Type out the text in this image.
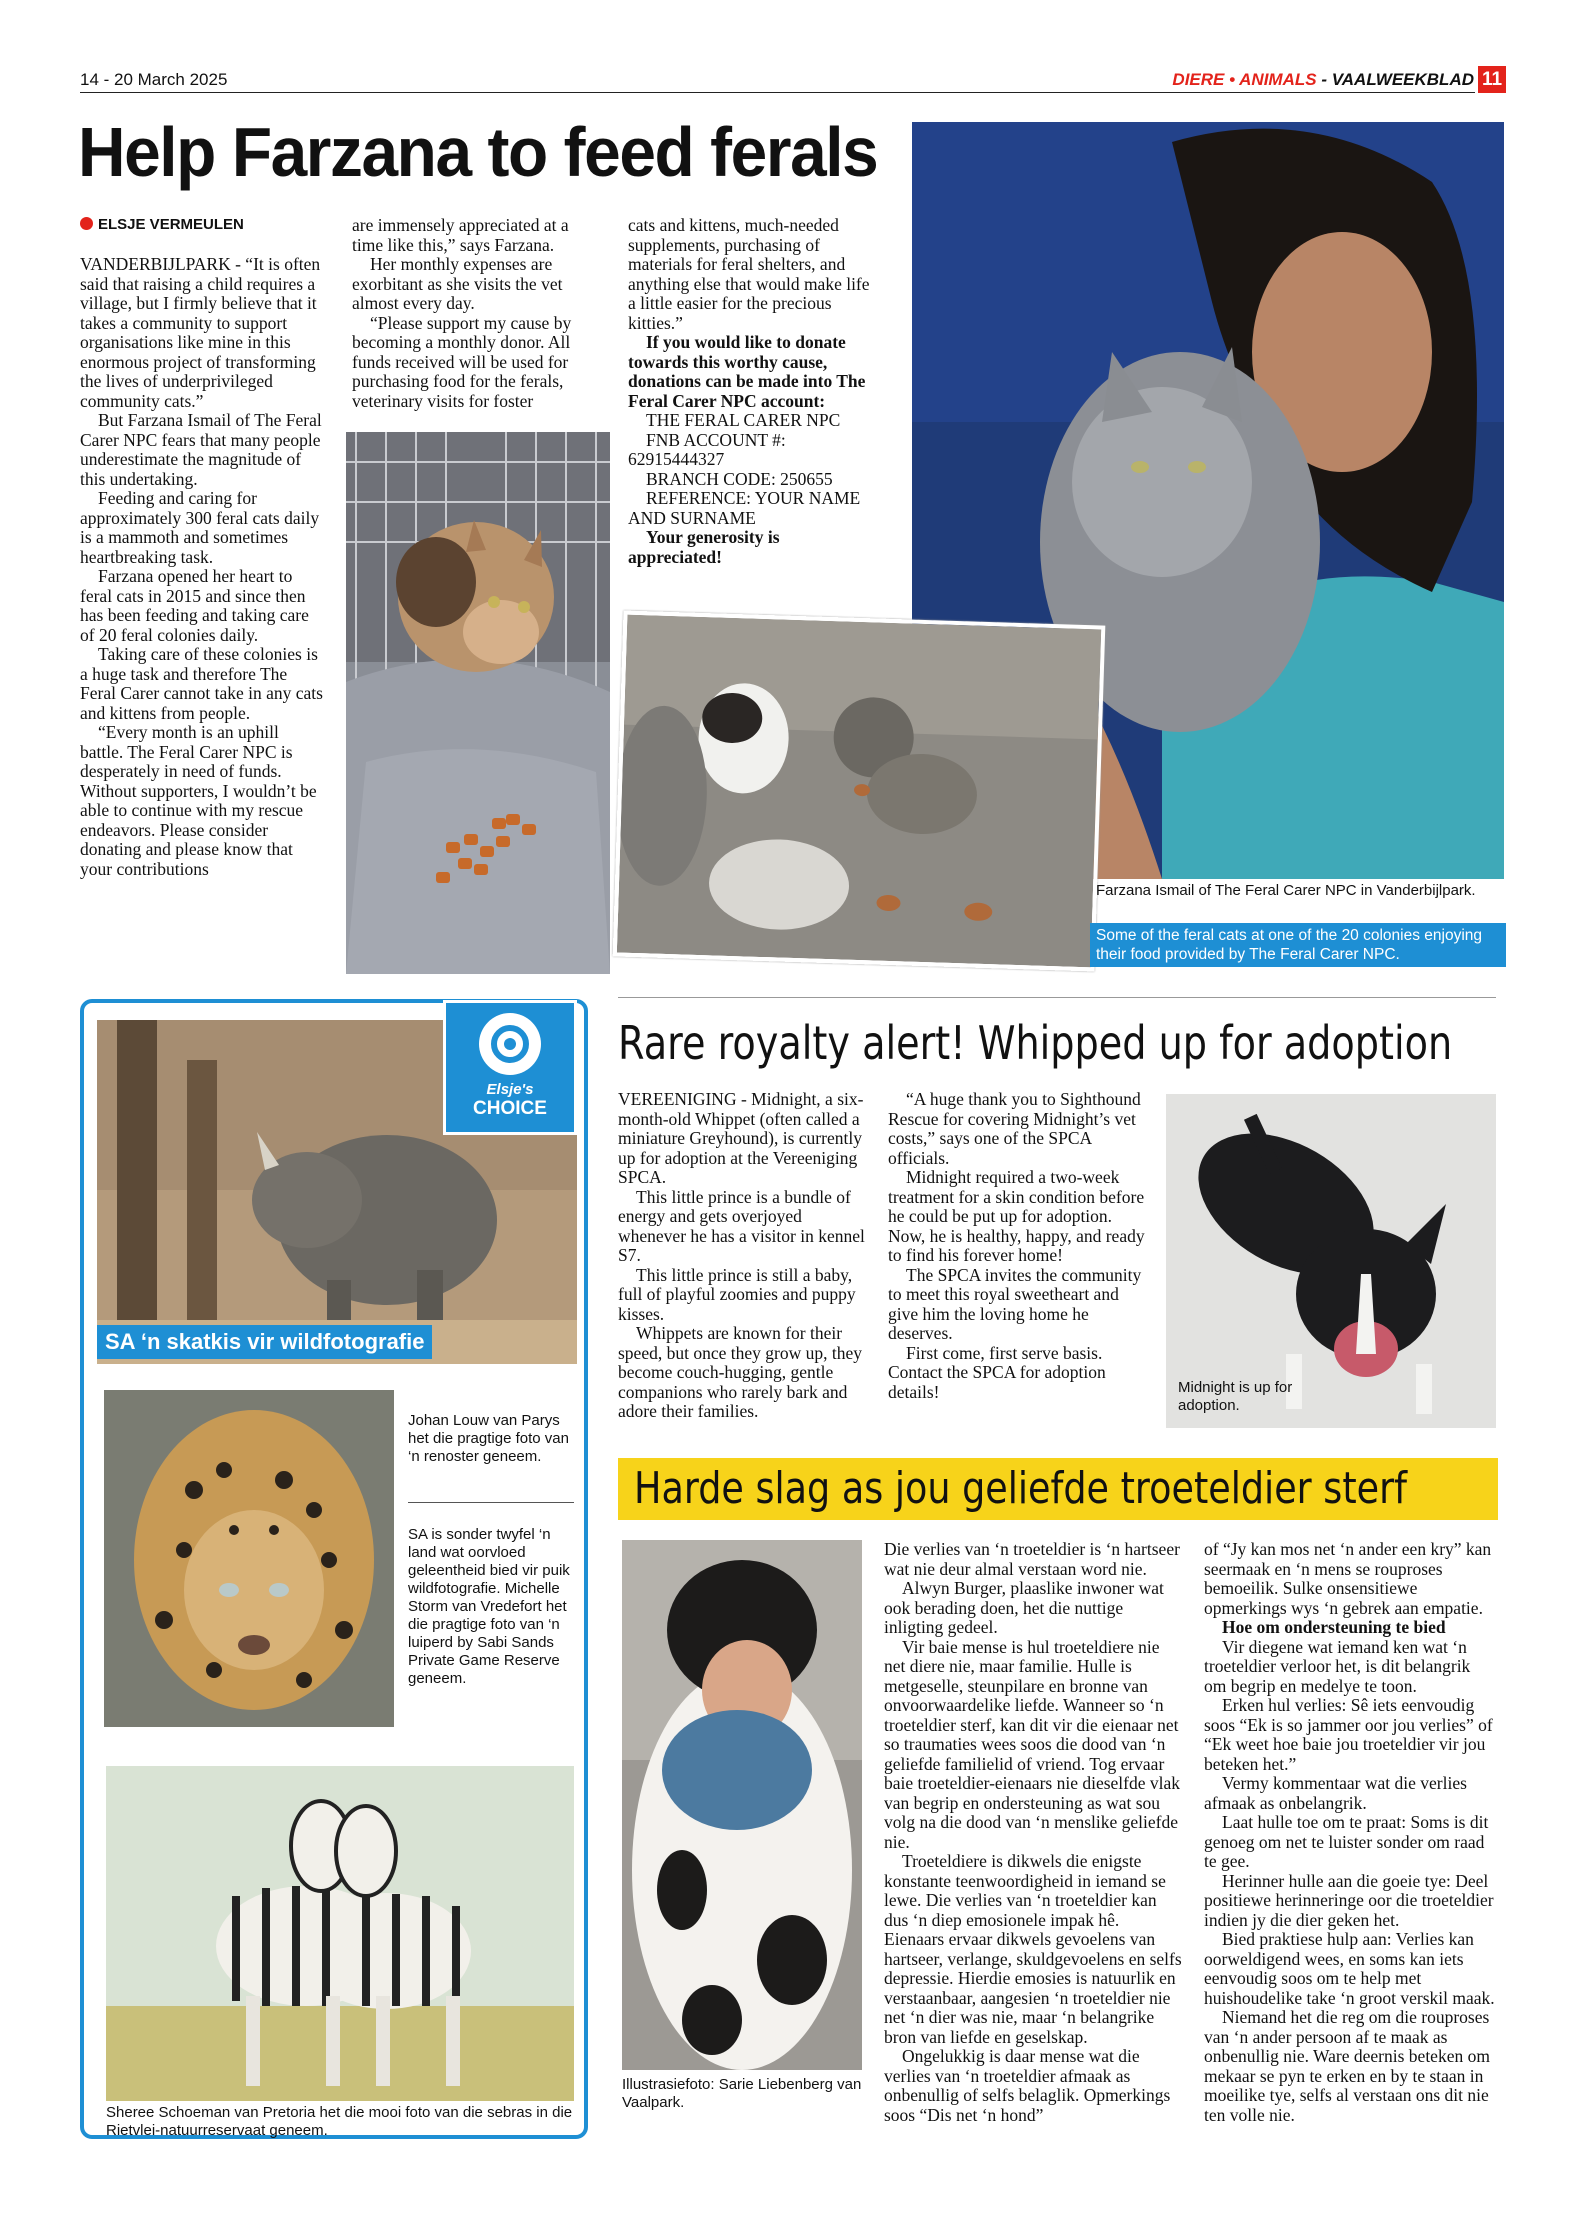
14 - 20 March 2025	DIERE • ANIMALS - VAALWEEKBLAD 11
Help Farzana to feed ferals
ELSJE VERMEULEN

VANDERBIJLPARK - “It is often said that raising a child requires a village, but I firmly believe that it takes a community to support organisations like mine in this enormous project of transforming the lives of underprivileged community cats.”

But Farzana Ismail of The Feral Carer NPC fears that many people underestimate the magnitude of this undertaking.

Feeding and caring for approximately 300 feral cats daily is a mammoth and sometimes heartbreaking task.

Farzana opened her heart to feral cats in 2015 and since then has been feeding and taking care of 20 feral colonies daily.

Taking care of these colonies is a huge task and therefore The Feral Carer cannot take in any cats and kittens from people.

“Every month is an uphill battle. The Feral Carer NPC is desperately in need of funds. Without supporters, I wouldn’t be able to continue with my rescue endeavors. Please consider donating and please know that your contributions

are immensely appreciated at a time like this,” says Farzana.

Her monthly expenses are exorbitant as she visits the vet almost every day.

“Please support my cause by becoming a monthly donor. All funds received will be used for purchasing food for the ferals, veterinary visits for foster

cats and kittens, much-needed supplements, purchasing of materials for feral shelters, and anything else that would make life a little easier for the precious kitties.”

If you would like to donate towards this worthy cause, donations can be made into The Feral Carer NPC account:

THE FERAL CARER NPC

FNB ACCOUNT #: 62915444327

BRANCH CODE: 250655

REFERENCE: YOUR NAME AND SURNAME

Your generosity is appreciated!

Farzana Ismail of The Feral Carer NPC in Vanderbijlpark.
Some of the feral cats at one of the 20 colonies enjoying their food provided by The Feral Carer NPC.
Elsje's
CHOICE
SA ‘n skatkis vir wildfotografie
Johan Louw van Parys het die pragtige foto van ‘n renoster geneem.
SA is sonder twyfel ‘n land wat oorvloed geleentheid bied vir puik wildfotografie. Michelle Storm van Vredefort het die pragtige foto van ‘n luiperd by Sabi Sands Private Game Reserve geneem.
Sheree Schoeman van Pretoria het die mooi foto van die sebras in die Rietvlei-natuurreservaat geneem.
Rare royalty alert! Whipped up for adoption

VEREENIGING - Midnight, a six-month-old Whippet (often called a miniature Greyhound), is currently up for adoption at the Vereeniging SPCA.

This little prince is a bundle of energy and gets overjoyed whenever he has a visitor in kennel S7.

This little prince is still a baby, full of playful zoomies and puppy kisses.

Whippets are known for their speed, but once they grow up, they become couch-hugging, gentle companions who rarely bark and adore their families.

“A huge thank you to Sighthound Rescue for covering Midnight’s vet costs,” says one of the SPCA officials.

Midnight required a two-week treatment for a skin condition before he could be put up for adoption. Now, he is healthy, happy, and ready to find his forever home!

The SPCA invites the community to meet this royal sweetheart and give him the loving home he deserves.

First come, first serve basis. Contact the SPCA for adoption details!	Midnight is up for adoption.
Harde slag as jou geliefde troeteldier sterf
Illustrasiefoto: Sarie Liebenberg van Vaalpark.

Die verlies van ‘n troeteldier is ‘n hartseer wat nie deur almal verstaan word nie.

Alwyn Burger, plaaslike inwoner wat ook berading doen, het die nuttige inligting gedeel.

Vir baie mense is hul troeteldiere nie net diere nie, maar familie. Hulle is metgeselle, steunpilare en bronne van onvoorwaardelike liefde. Wanneer so ‘n troeteldier sterf, kan dit vir die eienaar net so traumaties wees soos die dood van ‘n geliefde familielid of vriend. Tog ervaar baie troeteldier-eienaars nie dieselfde vlak van begrip en ondersteuning as wat sou volg na die dood van ‘n menslike geliefde nie.

Troeteldiere is dikwels die enigste konstante teenwoordigheid in iemand se lewe. Die verlies van ‘n troeteldier kan dus ‘n diep emosionele impak hê. Eienaars ervaar dikwels gevoelens van hartseer, verlange, skuldgevoelens en selfs depressie. Hierdie emosies is natuurlik en verstaanbaar, aangesien ‘n troeteldier nie net ‘n dier was nie, maar ‘n belangrike bron van liefde en geselskap.

Ongelukkig is daar mense wat die verlies van ‘n troeteldier afmaak as onbenullig of selfs belaglik. Opmerkings soos “Dis net ‘n hond”

of “Jy kan mos net ‘n ander een kry” kan seermaak en ‘n mens se rouproses bemoeilik. Sulke onsensitiewe opmerkings wys ‘n gebrek aan empatie.

Hoe om ondersteuning te bied

Vir diegene wat iemand ken wat ‘n troeteldier verloor het, is dit belangrik om begrip en medelye te toon.

Erken hul verlies: Sê iets eenvoudig soos “Ek is so jammer oor jou verlies” of “Ek weet hoe baie jou troeteldier vir jou beteken het.”

Vermy kommentaar wat die verlies afmaak as onbelangrik.

Laat hulle toe om te praat: Soms is dit genoeg om net te luister sonder om raad te gee.

Herinner hulle aan die goeie tye: Deel positiewe herinneringe oor die troeteldier indien jy die dier geken het.

Bied praktiese hulp aan: Verlies kan oorweldigend wees, en soms kan iets eenvoudig soos om te help met huishoudelike take ‘n groot verskil maak.

Niemand het die reg om die rouproses van ‘n ander persoon af te maak as onbenullig nie. Ware deernis beteken om mekaar se pyn te erken en by te staan in moeilike tye, selfs al verstaan ons dit nie ten volle nie.
